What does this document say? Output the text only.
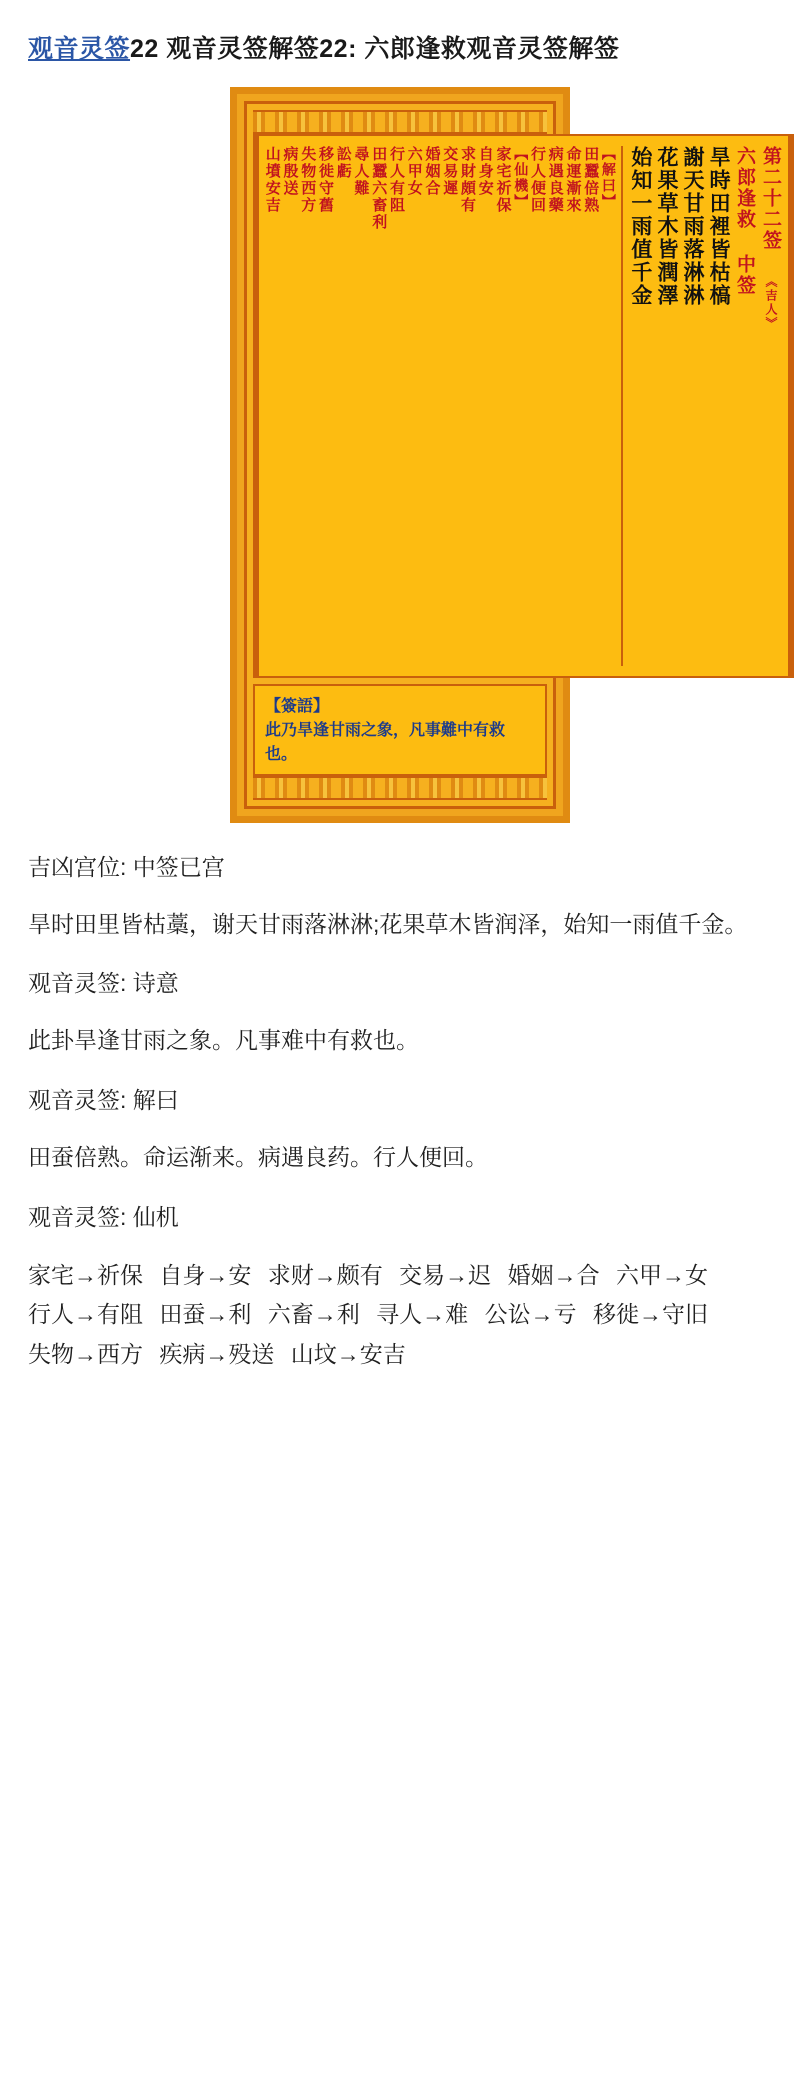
观音灵签22 观音灵签解签22: 六郎逢救观音灵签解签
第二十二签 《吉人》
六郎逢救 中签
旱時田裡皆枯槁
謝天甘雨落淋淋
花果草木皆潤澤
始知一雨值千金
【解曰】
田蠶倍熟
命運漸來
病遇良藥
行人便回
【仙機】
家宅祈保
自身安
求財頗有
交易遲
婚姻合
六甲女
行人有阻
田蠶六畜利
尋人難
訟虧
移徙守舊
失物西方
病殷送
山墳安吉
【簽語】
此乃旱逢甘雨之象，凡事難中有救也。

吉凶宫位: 中签已宫

旱时田里皆枯藁，谢天甘雨落淋淋;花果草木皆润泽，始知一雨值千金。

观音灵签: 诗意

此卦旱逢甘雨之象。凡事难中有救也。

观音灵签: 解曰

田蚕倍熟。命运渐来。病遇良药。行人便回。

观音灵签: 仙机

家宅→祈保 自身→安 求财→颇有 交易→迟 婚姻→合 六甲→女 行人→有阻 田蚕→利 六畜→利 寻人→难 公讼→亏 移徙→守旧 失物→西方 疾病→殁送 山坟→安吉
